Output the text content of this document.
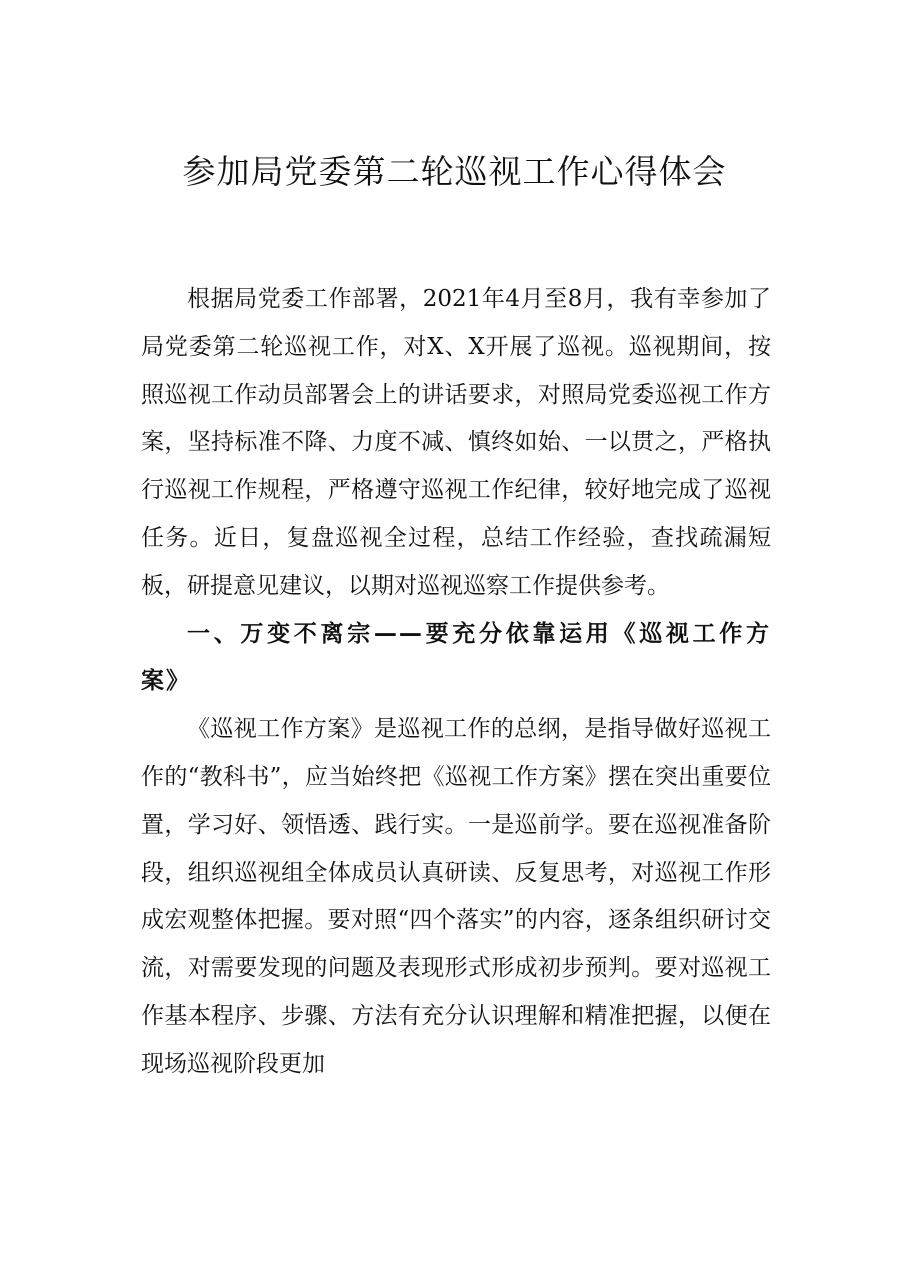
参加局党委第二轮巡视工作心得体会

根据局党委工作部署，2021年4月至8月，我有幸参加了局党委第二轮巡视工作，对X、X开展了巡视。巡视期间，按照巡视工作动员部署会上的讲话要求，对照局党委巡视工作方案，坚持标准不降、力度不减、慎终如始、一以贯之，严格执行巡视工作规程，严格遵守巡视工作纪律，较好地完成了巡视任务。近日，复盘巡视全过程，总结工作经验，查找疏漏短板，研提意见建议，以期对巡视巡察工作提供参考。

一、万变不离宗——要充分依靠运用《巡视工作方案》

《巡视工作方案》是巡视工作的总纲，是指导做好巡视工作的“教科书”，应当始终把《巡视工作方案》摆在突出重要位置，学习好、领悟透、践行实。一是巡前学。要在巡视准备阶段，组织巡视组全体成员认真研读、反复思考，对巡视工作形成宏观整体把握。要对照“四个落实”的内容，逐条组织研讨交流，对需要发现的问题及表现形式形成初步预判。要对巡视工作基本程序、步骤、方法有充分认识理解和精准把握，以便在现场巡视阶段更加
